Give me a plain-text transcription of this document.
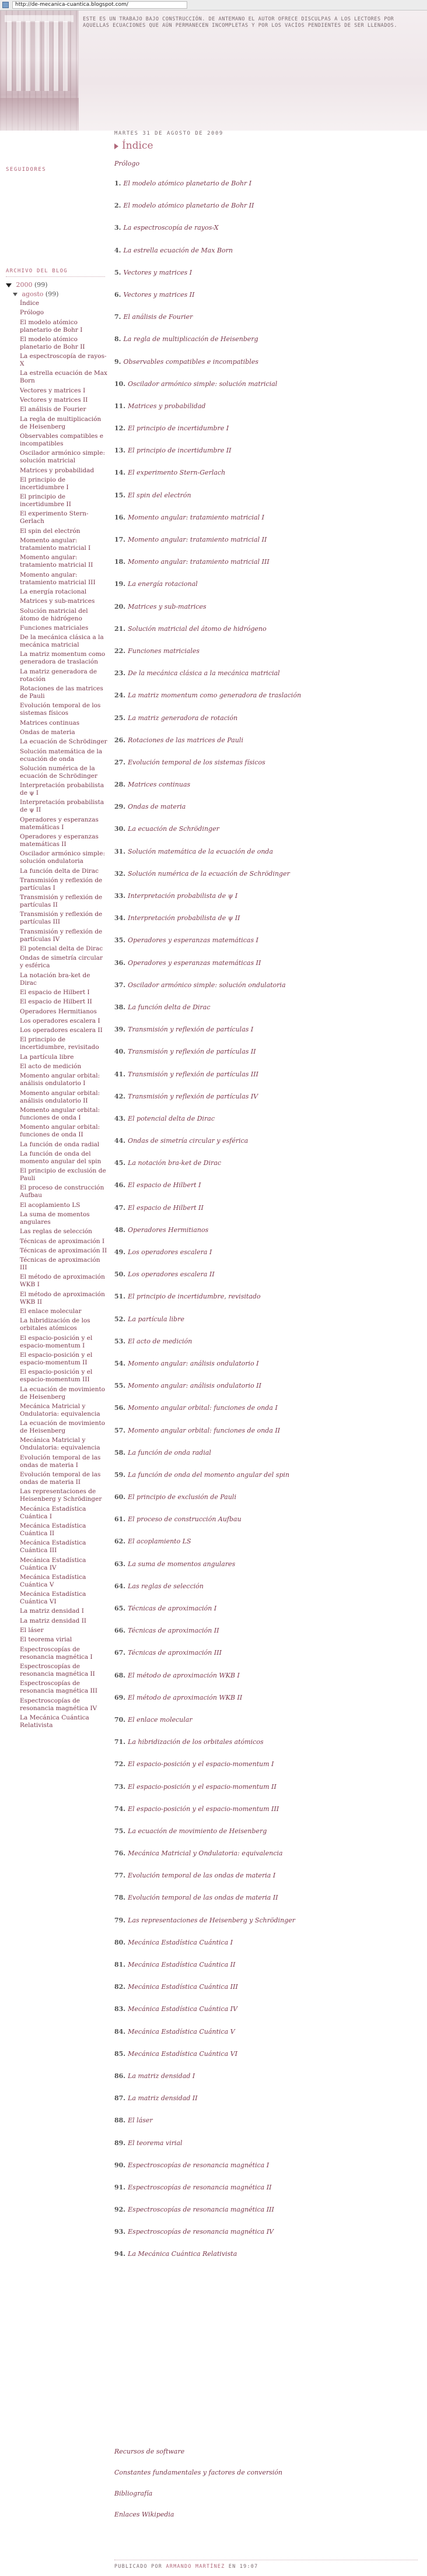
http://de-mecanica-cuantica.blogspot.com/
ESTE ES UN TRABAJO BAJO CONSTRUCCIÓN. DE ANTEMANO EL AUTOR OFRECE DISCULPAS A LOS LECTORES POR AQUELLAS ECUACIONES QUE AÚN PERMANECEN INCOMPLETAS Y POR LOS VACÍOS PENDIENTES DE SER LLENADOS.
SEGUIDORES
ARCHIVO DEL BLOG
2000 (99)
agosto (99)
Índice
Prólogo
El modelo atómico planetario de Bohr I
El modelo atómico planetario de Bohr II
La espectroscopía de rayos-X
La estrella ecuación de Max Born
Vectores y matrices I
Vectores y matrices II
El análisis de Fourier
La regla de multiplicación de Heisenberg
Observables compatibles e incompatibles
Oscilador armónico simple: solución matricial
Matrices y probabilidad
El principio de incertidumbre I
El principio de incertidumbre II
El experimento Stern-Gerlach
El spin del electrón
Momento angular: tratamiento matricial I
Momento angular: tratamiento matricial II
Momento angular: tratamiento matricial III
La energía rotacional
Matrices y sub-matrices
Solución matricial del átomo de hidrógeno
Funciones matriciales
De la mecánica clásica a la mecánica matricial
La matriz momentum como generadora de traslación
La matriz generadora de rotación
Rotaciones de las matrices de Pauli
Evolución temporal de los sistemas físicos
Matrices continuas
Ondas de materia
La ecuación de Schrödinger
Solución matemática de la ecuación de onda
Solución numérica de la ecuación de Schrödinger
Interpretación probabilista de ψ I
Interpretación probabilista de ψ II
Operadores y esperanzas matemáticas I
Operadores y esperanzas matemáticas II
Oscilador armónico simple: solución ondulatoria
La función delta de Dirac
Transmisión y reflexión de partículas I
Transmisión y reflexión de partículas II
Transmisión y reflexión de partículas III
Transmisión y reflexión de partículas IV
El potencial delta de Dirac
Ondas de simetría circular y esférica
La notación bra-ket de Dirac
El espacio de Hilbert I
El espacio de Hilbert II
Operadores Hermitianos
Los operadores escalera I
Los operadores escalera II
El principio de incertidumbre, revisitado
La partícula libre
El acto de medición
Momento angular orbital: análisis ondulatorio I
Momento angular orbital: análisis ondulatorio II
Momento angular orbital: funciones de onda I
Momento angular orbital: funciones de onda II
La función de onda radial
La función de onda del momento angular del spin
El principio de exclusión de Pauli
El proceso de construcción Aufbau
El acoplamiento LS
La suma de momentos angulares
Las reglas de selección
Técnicas de aproximación I
Técnicas de aproximación II
Técnicas de aproximación III
El método de aproximación WKB I
El método de aproximación WKB II
El enlace molecular
La hibridización de los orbitales atómicos
El espacio-posición y el espacio-momentum I
El espacio-posición y el espacio-momentum II
El espacio-posición y el espacio-momentum III
La ecuación de movimiento de Heisenberg
Mecánica Matricial y Ondulatoria: equivalencia
La ecuación de movimiento de Heisenberg
Mecánica Matricial y Ondulatoria: equivalencia
Evolución temporal de las ondas de materia I
Evolución temporal de las ondas de materia II
Las representaciones de Heisenberg y Schrödinger
Mecánica Estadística Cuántica I
Mecánica Estadística Cuántica II
Mecánica Estadística Cuántica III
Mecánica Estadística Cuántica IV
Mecánica Estadística Cuántica V
Mecánica Estadística Cuántica VI
La matriz densidad I
La matriz densidad II
El láser
El teorema virial
Espectroscopías de resonancia magnética I
Espectroscopías de resonancia magnética II
Espectroscopías de resonancia magnética III
Espectroscopías de resonancia magnética IV
La Mecánica Cuántica Relativista
MARTES 31 DE AGOSTO DE 2009
Índice
Prólogo
1. El modelo atómico planetario de Bohr I
2. El modelo atómico planetario de Bohr II
3. La espectroscopía de rayos-X
4. La estrella ecuación de Max Born
5. Vectores y matrices I
6. Vectores y matrices II
7. El análisis de Fourier
8. La regla de multiplicación de Heisenberg
9. Observables compatibles e incompatibles
10. Oscilador armónico simple: solución matricial
11. Matrices y probabilidad
12. El principio de incertidumbre I
13. El principio de incertidumbre II
14. El experimento Stern-Gerlach
15. El spin del electrón
16. Momento angular: tratamiento matricial I
17. Momento angular: tratamiento matricial II
18. Momento angular: tratamiento matricial III
19. La energía rotacional
20. Matrices y sub-matrices
21. Solución matricial del átomo de hidrógeno
22. Funciones matriciales
23. De la mecánica clásica a la mecánica matricial
24. La matriz momentum como generadora de traslación
25. La matriz generadora de rotación
26. Rotaciones de las matrices de Pauli
27. Evolución temporal de los sistemas físicos
28. Matrices continuas
29. Ondas de materia
30. La ecuación de Schrödinger
31. Solución matemática de la ecuación de onda
32. Solución numérica de la ecuación de Schrödinger
33. Interpretación probabilista de ψ I
34. Interpretación probabilista de ψ II
35. Operadores y esperanzas matemáticas I
36. Operadores y esperanzas matemáticas II
37. Oscilador armónico simple: solución ondulatoria
38. La función delta de Dirac
39. Transmisión y reflexión de partículas I
40. Transmisión y reflexión de partículas II
41. Transmisión y reflexión de partículas III
42. Transmisión y reflexión de partículas IV
43. El potencial delta de Dirac
44. Ondas de simetría circular y esférica
45. La notación bra-ket de Dirac
46. El espacio de Hilbert I
47. El espacio de Hilbert II
48. Operadores Hermitianos
49. Los operadores escalera I
50. Los operadores escalera II
51. El principio de incertidumbre, revisitado
52. La partícula libre
53. El acto de medición
54. Momento angular: análisis ondulatorio I
55. Momento angular: análisis ondulatorio II
56. Momento angular orbital: funciones de onda I
57. Momento angular orbital: funciones de onda II
58. La función de onda radial
59. La función de onda del momento angular del spin
60. El principio de exclusión de Pauli
61. El proceso de construcción Aufbau
62. El acoplamiento LS
63. La suma de momentos angulares
64. Las reglas de selección
65. Técnicas de aproximación I
66. Técnicas de aproximación II
67. Técnicas de aproximación III
68. El método de aproximación WKB I
69. El método de aproximación WKB II
70. El enlace molecular
71. La hibridización de los orbitales atómicos
72. El espacio-posición y el espacio-momentum I
73. El espacio-posición y el espacio-momentum II
74. El espacio-posición y el espacio-momentum III
75. La ecuación de movimiento de Heisenberg
76. Mecánica Matricial y Ondulatoria: equivalencia
77. Evolución temporal de las ondas de materia I
78. Evolución temporal de las ondas de materia II
79. Las representaciones de Heisenberg y Schrödinger
80. Mecánica Estadística Cuántica I
81. Mecánica Estadística Cuántica II
82. Mecánica Estadística Cuántica III
83. Mecánica Estadística Cuántica IV
84. Mecánica Estadística Cuántica V
85. Mecánica Estadística Cuántica VI
86. La matriz densidad I
87. La matriz densidad II
88. El láser
89. El teorema virial
90. Espectroscopías de resonancia magnética I
91. Espectroscopías de resonancia magnética II
92. Espectroscopías de resonancia magnética III
93. Espectroscopías de resonancia magnética IV
94. La Mecánica Cuántica Relativista
Recursos de software
Constantes fundamentales y factores de conversión
Bibliografía
Enlaces Wikipedia
PUBLICADO POR ARMANDO MARTÍNEZ EN 19:07
